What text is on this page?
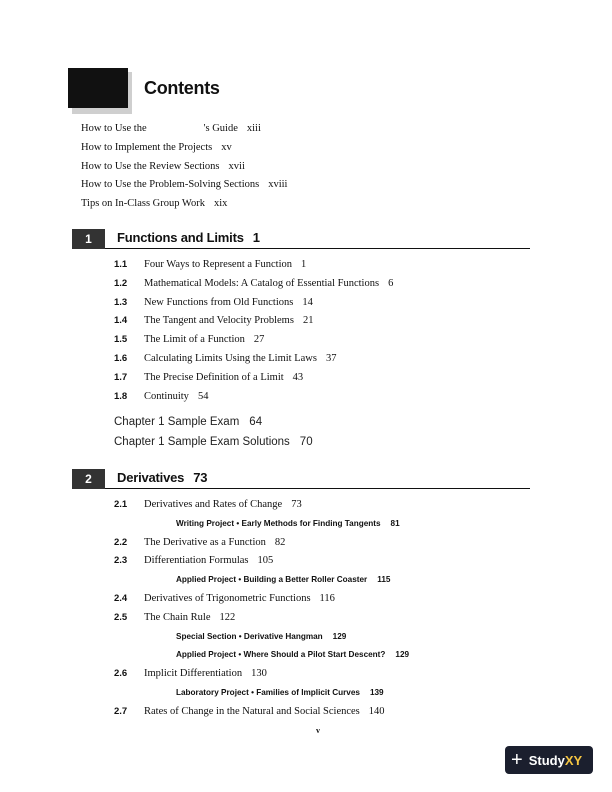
Contents
How to Use the	's Guide xiii
How to Implement the Projects xv
How to Use the Review Sections xvii
How to Use the Problem-Solving Sections xviii
Tips on In-Class Group Work xix
1	Functions and Limits 1
1.1 Four Ways to Represent a Function 1
1.2 Mathematical Models: A Catalog of Essential Functions 6
1.3 New Functions from Old Functions 14
1.4 The Tangent and Velocity Problems 21
1.5 The Limit of a Function 27
1.6 Calculating Limits Using the Limit Laws 37
1.7 The Precise Definition of a Limit 43
1.8 Continuity 54
Chapter 1 Sample Exam 64
Chapter 1 Sample Exam Solutions 70
2	Derivatives 73
2.1 Derivatives and Rates of Change 73
Writing Project • Early Methods for Finding Tangents 81
2.2 The Derivative as a Function 82
2.3 Differentiation Formulas 105
Applied Project • Building a Better Roller Coaster 115
2.4 Derivatives of Trigonometric Functions 116
2.5 The Chain Rule 122
Special Section • Derivative Hangman 129
Applied Project • Where Should a Pilot Start Descent? 129
2.6 Implicit Differentiation 130
Laboratory Project • Families of Implicit Curves 139
2.7 Rates of Change in the Natural and Social Sciences 140
v
+ Study XY
